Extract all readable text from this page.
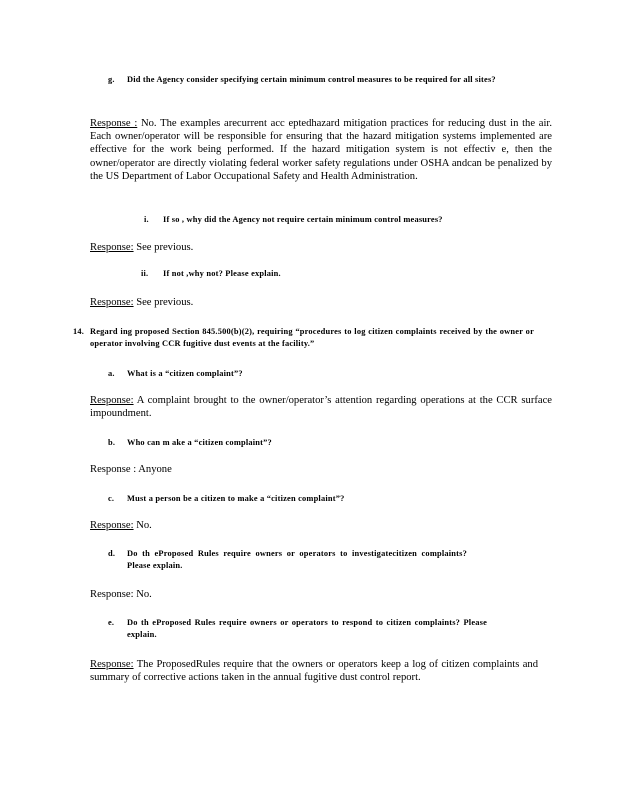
g. Did the Agency consider specifying certain minimum control measures to be required for all sites?
Response : No. The examples arecurrent acc eptedhazard mitigation practices for reducing dust in the air. Each owner/operator will be responsible for ensuring that the hazard mitigation systems implemented are effective for the work being performed. If the hazard mitigation system is not effectiv e, then the owner/operator are directly violating federal worker safety regulations under OSHA andcan be penalized by the US Department of Labor Occupational Safety and Health Administration.
i. If so , why did the Agency not require certain minimum control measures?
Response: See previous.
ii. If not ,why not? Please explain.
Response: See previous.
14. Regard ing proposed Section 845.500(b)(2), requiring “procedures to log citizen complaints received by the owner or operator involving CCR fugitive dust events at the facility.”
a. What is a “citizen complaint”?
Response: A complaint brought to the owner/operator’s attention regarding operations at the CCR surface impoundment.
b. Who can m ake a “citizen complaint”?
Response : Anyone
c. Must a person be a citizen to make a “citizen complaint”?
Response: No.
d. Do th eProposed Rules require owners or operators to investigatecitizen complaints? Please explain.
Response: No.
e. Do th eProposed Rules require owners or operators to respond to citizen complaints? Please explain.
Response: The ProposedRules require that the owners or operators keep a log of citizen complaints and summary of corrective actions taken in the annual fugitive dust control report.
